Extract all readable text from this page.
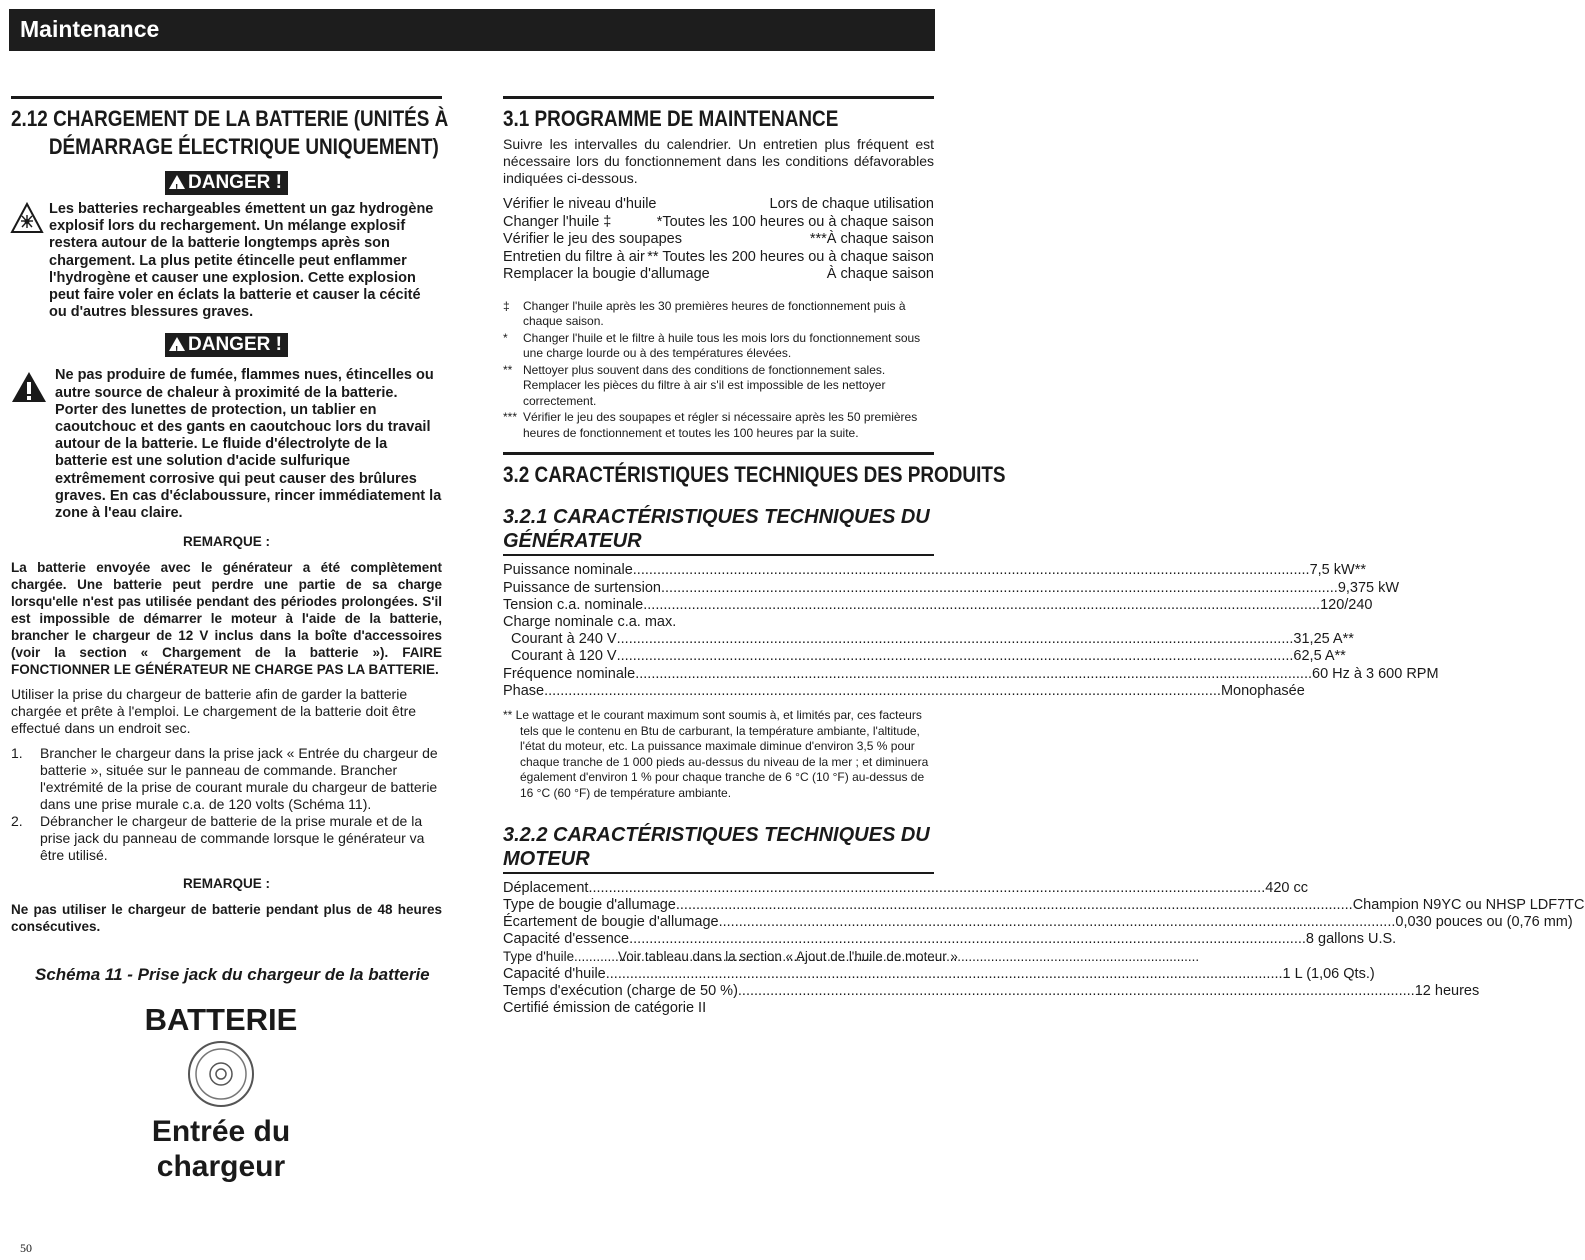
Maintenance
2.12 CHARGEMENT DE LA BATTERIE (UNITÉS À
DÉMARRAGE ÉLECTRIQUE UNIQUEMENT)
! DANGER !
Les batteries rechargeables émettent un gaz hydrogène explosif lors du rechargement. Un mélange explosif restera autour de la batterie longtemps après son chargement. La plus petite étincelle peut enflammer l'hydrogène et causer une explosion. Cette explosion peut faire voler en éclats la batterie et causer la cécité ou d'autres blessures graves.
! DANGER !
Ne pas produire de fumée, flammes nues, étincelles ou autre source de chaleur à proximité de la batterie. Porter des lunettes de protection, un tablier en caoutchouc et des gants en caoutchouc lors du travail autour de la batterie. Le fluide d'électrolyte de la batterie est une solution d'acide sulfurique extrêmement corrosive qui peut causer des brûlures graves. En cas d'éclaboussure, rincer immédiatement la zone à l'eau claire.
REMARQUE :
La batterie envoyée avec le générateur a été complètement chargée. Une batterie peut perdre une partie de sa charge lorsqu'elle n'est pas utilisée pendant des périodes prolongées. S'il est impossible de démarrer le moteur à l'aide de la batterie, brancher le chargeur de 12 V inclus dans la boîte d'accessoires (voir la section « Chargement de la batterie »). FAIRE FONCTIONNER LE GÉNÉRATEUR NE CHARGE PAS LA BATTERIE.
Utiliser la prise du chargeur de batterie afin de garder la batterie chargée et prête à l'emploi. Le chargement de la batterie doit être effectué dans un endroit sec.
1.	Brancher le chargeur dans la prise jack « Entrée du chargeur de batterie », située sur le panneau de commande. Brancher l'extrémité de la prise de courant murale du chargeur de batterie dans une prise murale c.a. de 120 volts (Schéma 11).
2.	Débrancher le chargeur de batterie de la prise murale et de la prise jack du panneau de commande lorsque le générateur va être utilisé.
REMARQUE :
Ne pas utiliser le chargeur de batterie pendant plus de 48 heures consécutives.
Schéma 11 - Prise jack du chargeur de la batterie
BATTERIE
Entrée du
chargeur
3.1 PROGRAMME DE MAINTENANCE
Suivre les intervalles du calendrier. Un entretien plus fréquent est nécessaire lors du fonctionnement dans les conditions défavorables indiquées ci-dessous.
Vérifier le niveau d'huile	Lors de chaque utilisation
Changer l'huile ‡	*Toutes les 100 heures ou à chaque saison
Vérifier le jeu des soupapes	***À chaque saison
Entretien du filtre à air ** Toutes les 200 heures ou à chaque saison
Remplacer la bougie d'allumage	À chaque saison
‡	Changer l'huile après les 30 premières heures de fonctionnement puis à chaque saison.
*	Changer l'huile et le filtre à huile tous les mois lors du fonctionnement sous une charge lourde ou à des températures élevées.
** Nettoyer plus souvent dans des conditions de fonctionnement sales. Remplacer les pièces du filtre à air s'il est impossible de les nettoyer correctement.
*** Vérifier le jeu des soupapes et régler si nécessaire après les 50 premières heures de fonctionnement et toutes les 100 heures par la suite.
3.2 CARACTÉRISTIQUES TECHNIQUES DES PRODUITS
3.2.1 CARACTÉRISTIQUES TECHNIQUES DU GÉNÉRATEUR
Puissance nominale .....	7,5 kW**
Puissance de surtension .....	9,375 kW
Tension c.a. nominale .....	120/240
Charge nominale c.a. max.
Courant à 240 V .....	31,25 A**
Courant à 120 V .....	62,5 A**
Fréquence nominale .....	60 Hz à 3 600 RPM
Phase .....	Monophasée
** Le wattage et le courant maximum sont soumis à, et limités par, ces facteurs tels que le contenu en Btu de carburant, la température ambiante, l'altitude, l'état du moteur, etc. La puissance maximale diminue d'environ 3,5 % pour chaque tranche de 1 000 pieds au-dessus du niveau de la mer ; et diminuera également d'environ 1 % pour chaque tranche de 6 °C (10 °F) au-dessus de 16 °C (60 °F) de température ambiante.
3.2.2 CARACTÉRISTIQUES TECHNIQUES DU MOTEUR
Déplacement .....	420 cc
Type de bougie d'allumage .....	Champion N9YC ou NHSP LDF7TC
Écartement de bougie d'allumage .....	0,030 pouces ou (0,76 mm)
Capacité d'essence .....	8 gallons U.S.
Type d'huile .....	Voir tableau dans la section « Ajout de l'huile de moteur »
Capacité d'huile .....	1 L (1,06 Qts.)
Temps d'exécution (charge de 50 %) .....	12 heures
Certifié émission de catégorie II
50
